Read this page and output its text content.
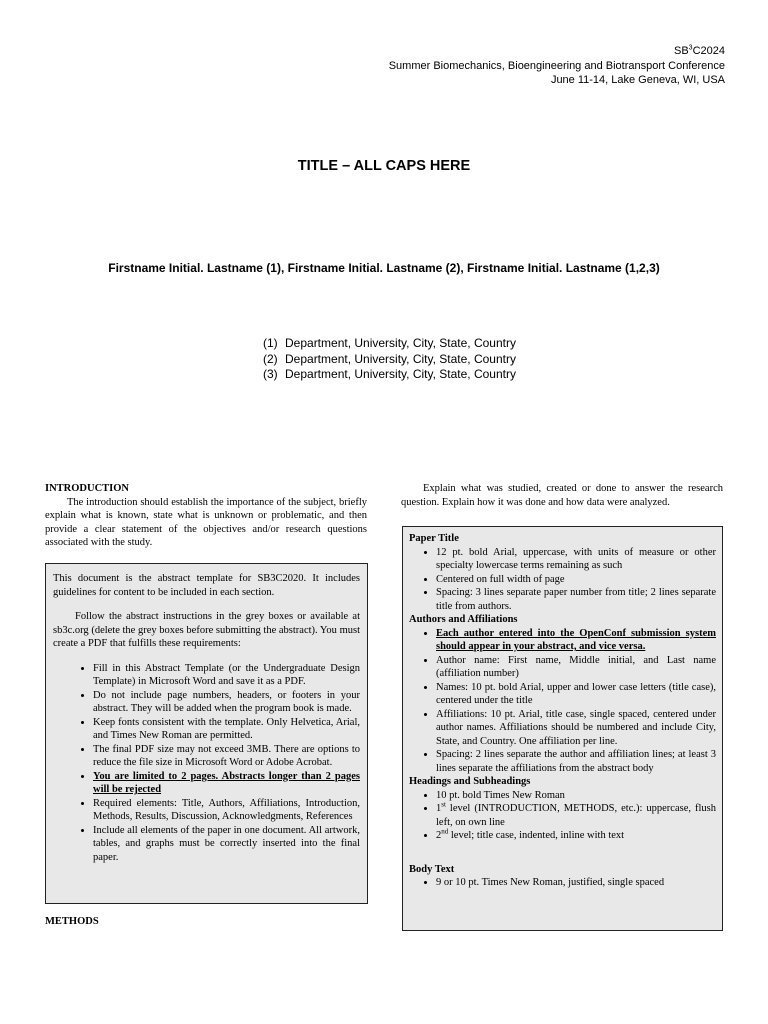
$SB^3C2024$
Summer Biomechanics, Bioengineering and Biotransport Conference
June 11-14, Lake Geneva, WI, USA
TITLE – ALL CAPS HERE
Firstname Initial. Lastname (1), Firstname Initial. Lastname (2), Firstname Initial. Lastname (1,2,3)
(1) Department, University, City, State, Country
(2) Department, University, City, State, Country
(3) Department, University, City, State, Country

INTRODUCTION

The introduction should establish the importance of the subject, briefly explain what is known, state what is unknown or problematic, and then provide a clear statement of the objectives and/or research questions associated with the study.

This document is the abstract template for SB3C2020. It includes guidelines for content to be included in each section.

Follow the abstract instructions in the grey boxes or available at sb3c.org (delete the grey boxes before submitting the abstract). You must create a PDF that fulfills these requirements:

• Fill in this Abstract Template (or the Undergraduate Design Template) in Microsoft Word and save it as a PDF.
• Do not include page numbers, headers, or footers in your abstract. They will be added when the program book is made.
• Keep fonts consistent with the template. Only Helvetica, Arial, and Times New Roman are permitted.
• The final PDF size may not exceed 3MB. There are options to reduce the file size in Microsoft Word or Adobe Acrobat.
• You are limited to 2 pages. Abstracts longer than 2 pages will be rejected
• Required elements: Title, Authors, Affiliations, Introduction, Methods, Results, Discussion, Acknowledgments, References
• Include all elements of the paper in one document. All artwork, tables, and graphs must be correctly inserted into the final paper.
METHODS

Explain what was studied, created or done to answer the research question. Explain how it was done and how data were analyzed.

Paper Title

• 12 pt. bold Arial, uppercase, with units of measure or other specialty lowercase terms remaining as such
• Centered on full width of page
• Spacing: 3 lines separate paper number from title; 2 lines separate title from authors.

Authors and Affiliations

• Each author entered into the OpenConf submission system should appear in your abstract, and vice versa.
• Author name: First name, Middle initial, and Last name (affiliation number)
• Names: 10 pt. bold Arial, upper and lower case letters (title case), centered under the title
• Affiliations: 10 pt. Arial, title case, single spaced, centered under author names. Affiliations should be numbered and include City, State, and Country. One affiliation per line.
• Spacing: 2 lines separate the author and affiliation lines; at least 3 lines separate the affiliations from the abstract body

Headings and Subheadings

• 10 pt. bold Times New Roman
• 1st level (INTRODUCTION, METHODS, etc.): uppercase, flush left, on own line
• 2nd level; title case, indented, inline with text

Body Text

• 9 or 10 pt. Times New Roman, justified, single spaced
